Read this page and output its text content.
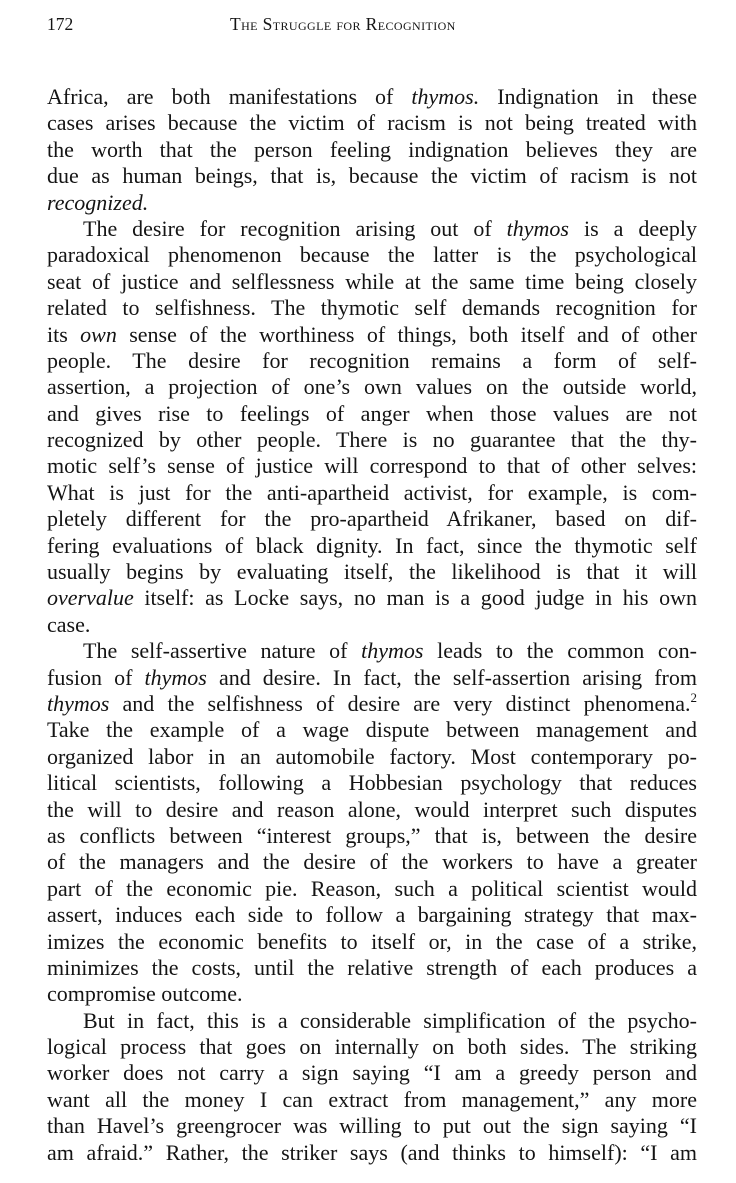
172	The Struggle for Recognition
Africa, are both manifestations of thymos. Indignation in these
cases arises because the victim of racism is not being treated with
the worth that the person feeling indignation believes they are
due as human beings, that is, because the victim of racism is not
recognized.
The desire for recognition arising out of thymos is a deeply
paradoxical phenomenon because the latter is the psychological
seat of justice and selflessness while at the same time being closely
related to selfishness. The thymotic self demands recognition for
its own sense of the worthiness of things, both itself and of other
people. The desire for recognition remains a form of self-
assertion, a projection of one’s own values on the outside world,
and gives rise to feelings of anger when those values are not
recognized by other people. There is no guarantee that the thy-
motic self’s sense of justice will correspond to that of other selves:
What is just for the anti-apartheid activist, for example, is com-
pletely different for the pro-apartheid Afrikaner, based on dif-
fering evaluations of black dignity. In fact, since the thymotic self
usually begins by evaluating itself, the likelihood is that it will
overvalue itself: as Locke says, no man is a good judge in his own
case.
The self-assertive nature of thymos leads to the common con-
fusion of thymos and desire. In fact, the self-assertion arising from
thymos and the selfishness of desire are very distinct phenomena.$^2$
Take the example of a wage dispute between management and
organized labor in an automobile factory. Most contemporary po-
litical scientists, following a Hobbesian psychology that reduces
the will to desire and reason alone, would interpret such disputes
as conflicts between “interest groups,” that is, between the desire
of the managers and the desire of the workers to have a greater
part of the economic pie. Reason, such a political scientist would
assert, induces each side to follow a bargaining strategy that max-
imizes the economic benefits to itself or, in the case of a strike,
minimizes the costs, until the relative strength of each produces a
compromise outcome.
But in fact, this is a considerable simplification of the psycho-
logical process that goes on internally on both sides. The striking
worker does not carry a sign saying “I am a greedy person and
want all the money I can extract from management,” any more
than Havel’s greengrocer was willing to put out the sign saying “I
am afraid.” Rather, the striker says (and thinks to himself): “I am
